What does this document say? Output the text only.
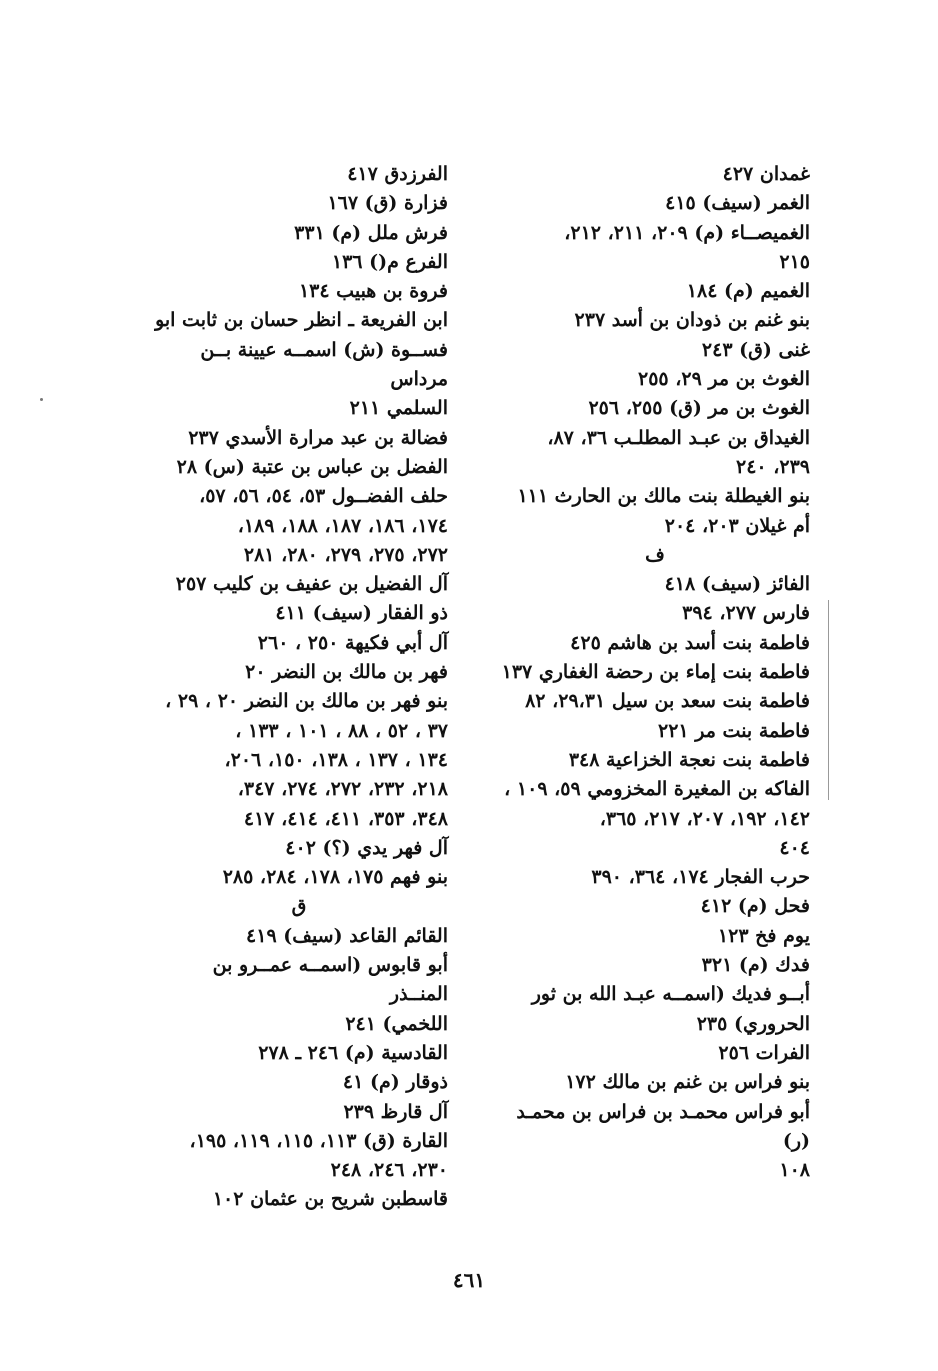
غمدان ٤٢٧
الغمر (سيف) ٤١٥
الغميصــاء (م) ٢٠٩، ٢١١، ٢١٢،
٢١٥
الغميم (م) ١٨٤
بنو غنم بن ذودان بن أسد ٢٣٧
غنى (ق) ٢٤٣
الغوث بن مر ٢٩، ٢٥٥
الغوث بن مر (ق) ٢٥٥، ٢٥٦
الغيداق بن عبـد المطلـب ٣٦، ٨٧،
٢٣٩، ٢٤٠
بنو الغيطلة بنت مالك بن الحارث ١١١
أم غيلان ٢٠٣، ٢٠٤
ف
الفائز (سيف) ٤١٨
فارس ٢٧٧، ٣٩٤
فاطمة بنت أسد بن هاشم ٤٢٥
فاطمة بنت إماء بن رحضة الغفاري ١٣٧
فاطمة بنت سعد بن سيل ٢٩،٣١، ٨٢
فاطمة بنت مر ٢٢١
فاطمة بنت نعجة الخزاعية ٣٤٨
الفاكه بن المغيرة المخزومي ٥٩، ١٠٩ ،
١٤٢، ١٩٢، ٢٠٧، ٢١٧، ٣٦٥،
٤٠٤
حرب الفجار ١٧٤، ٣٦٤، ٣٩٠
فحل (م) ٤١٢
يوم فخ ١٢٣
فدك (م) ٣٢١
أبــو فديك (اسمــه عبـد الله بن ثور
الحروري) ٢٣٥
الفرات ٢٥٦
بنو فراس بن غنم بن مالك ١٧٢
أبو فراس محمـد بن فراس بن محمـد (ر)
١٠٨
الفرزدق ٤١٧
فزارة (ق) ١٦٧
فرش ملل (م) ٣٣١
الفرع م() ١٣٦
فروة بن هبيب ١٣٤
ابن الفريعة ـ انظر حسان بن ثابت ابو
فســوة (ش) اسمــه عيينة بــن مرداس
السلمي ٢١١
فضالة بن عبد مرارة الأسدي ٢٣٧
الفضل بن عباس بن عتبة (س) ٢٨
حلف الفضــول ٥٣، ٥٤، ٥٦، ٥٧،
١٧٤، ١٨٦، ١٨٧، ١٨٨، ١٨٩،
٢٧٢، ٢٧٥، ٢٧٩، ٢٨٠، ٢٨١
آل الفضيل بن عفيف بن كليب ٢٥٧
ذو الفقار (سيف) ٤١١
آل أبي فكيهة ٢٥٠ ، ٢٦٠
فهر بن مالك بن النضر ٢٠
بنو فهر بن مالك بن النضر ٢٠ ، ٢٩ ،
٣٧ ، ٥٢ ، ٨٨ ، ١٠١ ، ١٣٣ ،
١٣٤ ، ١٣٧ ، ١٣٨، ١٥٠، ٢٠٦،
٢١٨، ٢٣٢، ٢٧٢، ٢٧٤، ٣٤٧،
٣٤٨، ٣٥٣، ٤١١، ٤١٤، ٤١٧
آل فهر يدي (؟) ٤٠٢
بنو فهم ١٧٥، ١٧٨، ٢٨٤، ٢٨٥
ق
القائم القاعد (سيف) ٤١٩
أبو قابوس (اسمــه عمــرو بن المنــذر
اللخمي) ٢٤١
القادسية (م) ٢٤٦ ـ ٢٧٨
ذوقار (م) ٤١
آل قارظ ٢٣٩
القارة (ق) ١١٣، ١١٥، ١١٩، ١٩٥،
٢٣٠، ٢٤٦، ٢٤٨
قاسطبن شريح بن عثمان ١٠٢
٤٦١
